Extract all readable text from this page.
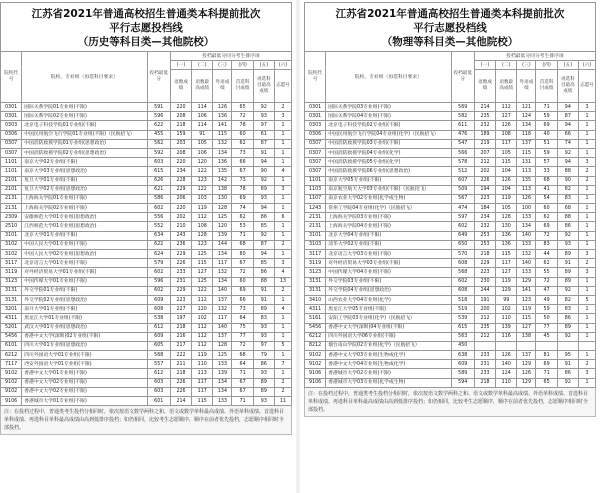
江苏省2021年普通高校招生普通类本科提前批次
平行志愿投档线
（历史等科目类—其他院校）
院校代号	院校、专业组（再选科目要求）	投档最低分	投档最低分同分考生排序项					
			(一)	(二)	(三)	(四)	(五)	(六)
			语数成绩	语数最高成绩	外语成绩	首选科目成绩	再选科目最高成绩	志愿号
0301	国际关系学院01专业组(不限)	591	220	114	126	65	92	2
0301	国际关系学院02专业组(不限)	596	208	106	136	72	93	3
0303	北京电子科技学院01专业组(不限)	622	218	114	141	78	97	1
0306	中国民用航空飞行学院01专业组(不限)（民航招飞）	455	159	91	115	60	61	1
0307	中国消防救援学院01专业组(思想政治)	562	203	105	132	62	87	1
0307	中国消防救援学院02专业组(思想政治)	592	208	106	134	73	91	1
1101	南京大学02专业组(不限)	603	220	120	136	66	94	1
1101	南京大学03专业组(思想政治)	615	234	122	135	67	90	4
2101	复旦大学01专业组(不限)	626	228	123	142	73	92	1
2101	复旦大学02专业组(思想政治)	621	229	122	138	78	89	3
2131	上海海关学院01专业组(不限)	586	206	103	130	69	93	1
2131	上海海关学院02专业组(不限)	602	220	119	128	74	94	1
2309	安徽师范大学01专业组(思想政治)	556	202	112	125	62	86	6
2510	江西师范大学01专业组(思想政治)	552	210	108	120	53	85	1
3101	北京大学01专业组(不限)	634	243	128	139	71	92	1
3102	中国人民大学01专业组(不限)	622	236	123	144	68	87	2
3102	中国人民大学02专业组(思想政治)	624	229	125	134	80	94	1
3117	北京语言大学01专业组(不限)	579	226	115	117	67	85	3
3119	对外经济贸易大学01专业组(不限)	602	233	127	132	72	86	4
3123	中国传媒大学01专业组(不限)	596	231	125	134	60	88	13
3131	外交学院01专业组(不限)	602	229	122	140	69	91	2
3131	外交学院02专业组(思想政治)	609	223	112	137	66	91	1
3201	南开大学01专业组(不限)	608	227	120	132	73	89	4
4311	黑龙江大学01专业组(不限)	538	197	102	117	64	83	1
5201	武汉大学01专业组(思想政治)	612	218	112	140	75	93	1
5456	香港中文大学(深圳)02专业组(不限)	609	216	112	137	77	93	1
6101	四川大学01专业组(思想政治)	605	217	112	128	72	97	5
6212	四川外国语大学01专业组(不限)	568	222	119	125	68	79	1
7117	西安外国语大学01专业组(不限)	557	211	110	133	64	86	7
9102	香港中文大学01专业组(不限)	612	218	113	139	71	93	1
9102	香港中文大学02专业组(不限)	603	226	117	134	67	89	2
9102	香港中文大学02专业组(不限)	603	226	117	134	67	89	2
9106	香港城市大学01专业组(不限)	601	214	115	133	71	93	11
注：在投档过程中，普通类考生投档分相同时，依次按语文数学两科之和、语文或数学单科最高成绩、外语单科成绩、首选科目单科成绩、再选科目单科最高成绩由高到低排序投档；如仍相同，比较考生志愿顺序，顺序在前者优先投档，志愿顺序相同时全部投档。
江苏省2021年普通高校招生普通类本科提前批次
平行志愿投档线
（物理等科目类—其他院校）
院校代号	院校、专业组（再选科目要求）	投档最低分	投档最低分同分考生排序项					
			(一)	(二)	(三)	(四)	(五)	(六)
			语数成绩	语数最高成绩	外语成绩	首选科目成绩	再选科目最高成绩	志愿号
0301	国际关系学院03专业组(不限)	569	214	112	121	71	94	3
0301	国际关系学院04专业组(不限)	582	235	127	124	59	87	1
0303	北京电子科技学院02专业组(不限)	611	232	126	134	69	94	1
0306	中国民用航空飞行学院04专业组(化学)（民航招飞）	476	189	108	118	40	66	1
0307	中国消防救援学院03专业组(不限)	547	219	117	137	51	74	1
0307	中国消防救援学院04专业组(化学)	566	207	105	115	59	92	1
0307	中国消防救援学院05专业组(化学)	578	212	115	131	57	94	3
0307	中国消防救援学院06专业组(思想政治)	512	202	104	113	33	88	2
1101	南京大学05专业组(不限)	607	226	126	135	68	90	2
1103	南京航空航天大学03专业组(不限)（民航招飞）	509	194	104	113	41	82	1
1107	南京农业大学02专业组(化学或生物)	567	223	119	126	54	83	1
1243	常州工学院04专业组(化学)（民航招飞）	474	184	105	100	60	68	1
2131	上海海关学院03专业组(不限)	597	234	128	133	62	88	1
2131	上海海关学院04专业组(不限)	602	232	130	134	69	86	1
3101	北京大学04专业组(不限)	649	253	136	140	72	92	1
3103	清华大学02专业组(不限)	650	253	136	133	83	93	1
3117	北京语言大学03专业组(不限)	570	218	115	132	44	89	3
3119	对外经济贸易大学03专业组(不限)	608	229	117	140	62	91	2
3123	中国传媒大学04专业组(不限)	568	223	127	133	55	89	3
3131	外交学院03专业组(不限)	602	230	119	129	72	89	1
3131	外交学院04专业组(思想政治)	608	244	129	141	47	92	1
3410	山西农业大学04专业组(化学)	518	191	99	123	49	82	5
4311	黑龙江大学05专业组(不限)	519	200	102	119	59	83	1
5161	安阳工学院03专业组(化学)（民航招飞）	539	212	110	115	50	86	1
5456	香港中文大学(深圳)04专业组(不限)	615	235	139	127	77	89	1
6212	四川外国语大学06专业组(不限)	563	212	116	138	45	92	1
8212	烟台南山学院02专业组(化学)（民航招飞）	450						
9102	香港中文大学03专业组(生物或化学)	638	233	126	137	81	95	1
9102	香港中文大学04专业组(生物或化学)	609	231	140	129	69	91	2
9106	香港城市大学02专业组(不限)	589	233	124	126	71	86	3
9106	香港城市大学03专业组(化学或生物)	594	218	110	129	65	92	1
注：在投档过程中，普通类考生投档分相同时，依次按语文数学两科之和、语文或数学单科最高成绩、外语单科成绩、首选科目单科成绩、再选科目单科最高成绩由高到低排序投档；如仍相同，比较考生志愿顺序，顺序在前者优先投档，志愿顺序相同时全部投档。
